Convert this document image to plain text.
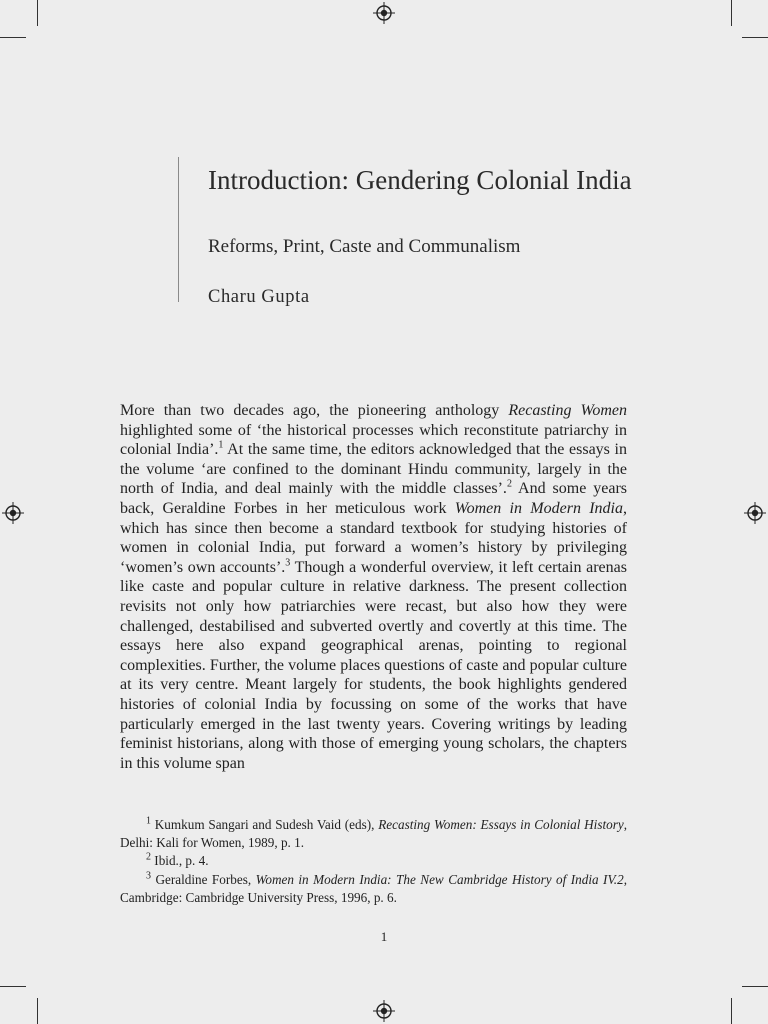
Introduction: Gendering Colonial India

Reforms, Print, Caste and Communalism

Charu Gupta

More than two decades ago, the pioneering anthology Recasting Women highlighted some of ‘the historical processes which reconstitute patriarchy in colonial India’.$^1$ At the same time, the editors acknowledged that the essays in the volume ‘are confined to the dominant Hindu community, largely in the north of India, and deal mainly with the middle classes’.$^2$ And some years back, Geraldine Forbes in her meticulous work Women in Modern India, which has since then become a standard textbook for studying histories of women in colonial India, put forward a women’s history by privileging ‘women’s own accounts’.$^3$ Though a wonderful overview, it left certain arenas like caste and popular culture in relative darkness. The present collection revisits not only how patriarchies were recast, but also how they were challenged, destabilised and subverted overtly and covertly at this time. The essays here also expand geographical arenas, pointing to regional complexities. Further, the volume places questions of caste and popular culture at its very centre. Meant largely for students, the book highlights gendered histories of colonial India by focussing on some of the works that have particularly emerged in the last twenty years. Covering writings by leading feminist historians, along with those of emerging young scholars, the chapters in this volume span

$^1$ Kumkum Sangari and Sudesh Vaid (eds), Recasting Women: Essays in Colonial History, Delhi: Kali for Women, 1989, p. 1.

$^2$ Ibid., p. 4.

$^3$ Geraldine Forbes, Women in Modern India: The New Cambridge History of India IV.2, Cambridge: Cambridge University Press, 1996, p. 6.

1
